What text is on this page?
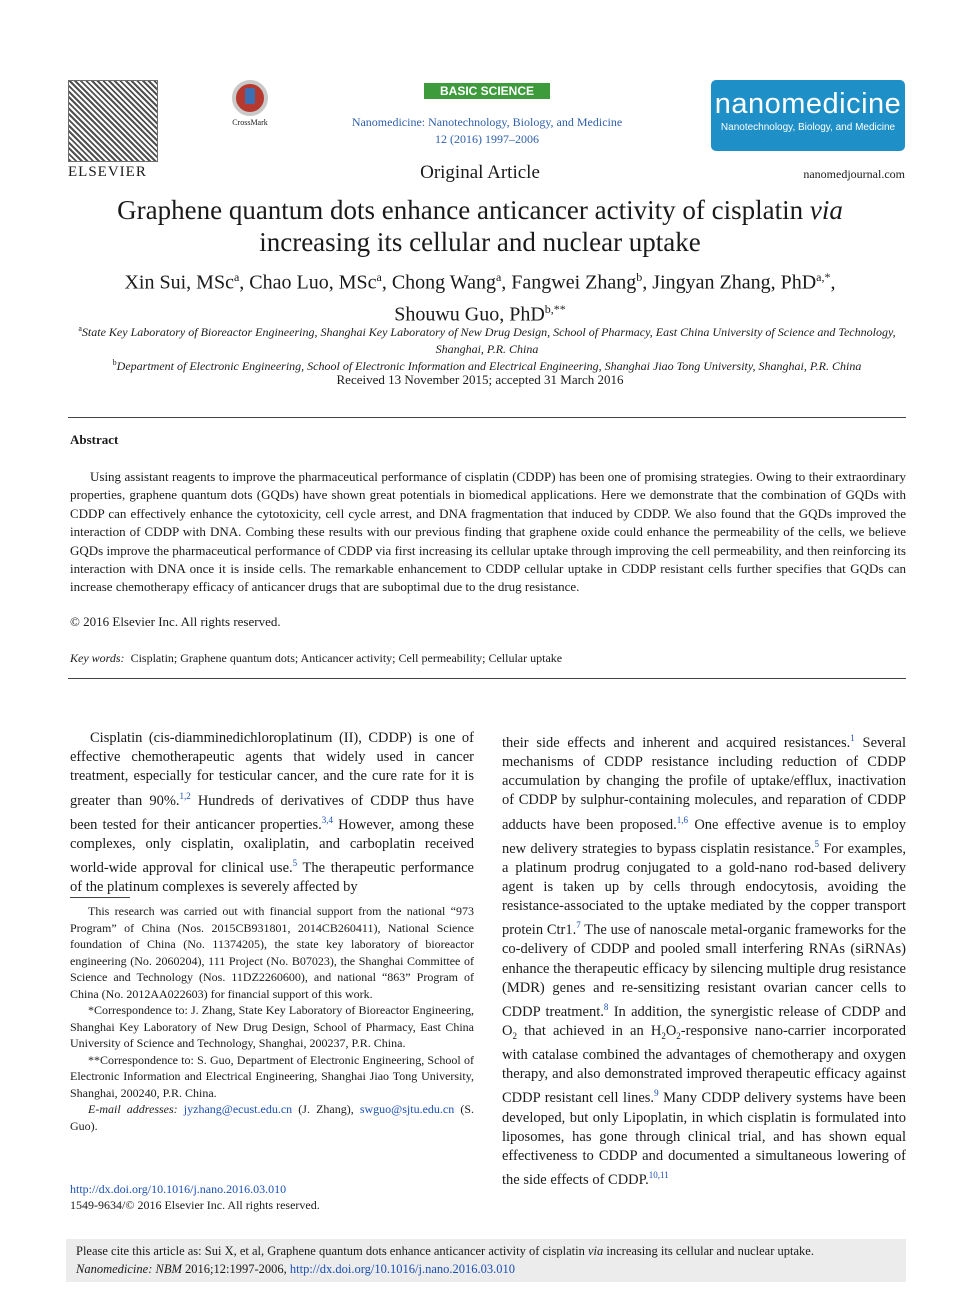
ELSEVIER
CrossMark
BASIC SCIENCE
Nanomedicine: Nanotechnology, Biology, and Medicine
12 (2016) 1997–2006
nanomedicine
Nanotechnology, Biology, and Medicine
Original Article	nanomedjournal.com
Graphene quantum dots enhance anticancer activity of cisplatin via
increasing its cellular and nuclear uptake
Xin Sui, MSc$^a$, Chao Luo, MSc$^a$, Chong Wang$^a$, Fangwei Zhang$^b$, Jingyan Zhang, PhD$^{a,*}$,
Shouwu Guo, PhD$^{b,**}$
$^a$State Key Laboratory of Bioreactor Engineering, Shanghai Key Laboratory of New Drug Design, School of Pharmacy, East China University of Science and Technology, Shanghai, P.R. China
$^b$Department of Electronic Engineering, School of Electronic Information and Electrical Engineering, Shanghai Jiao Tong University, Shanghai, P.R. China
Received 13 November 2015; accepted 31 March 2016
Abstract
Using assistant reagents to improve the pharmaceutical performance of cisplatin (CDDP) has been one of promising strategies. Owing to their extraordinary properties, graphene quantum dots (GQDs) have shown great potentials in biomedical applications. Here we demonstrate that the combination of GQDs with CDDP can effectively enhance the cytotoxicity, cell cycle arrest, and DNA fragmentation that induced by CDDP. We also found that the GQDs improved the interaction of CDDP with DNA. Combing these results with our previous finding that graphene oxide could enhance the permeability of the cells, we believe GQDs improve the pharmaceutical performance of CDDP via first increasing its cellular uptake through improving the cell permeability, and then reinforcing its interaction with DNA once it is inside cells. The remarkable enhancement to CDDP cellular uptake in CDDP resistant cells further specifies that GQDs can increase chemotherapy efficacy of anticancer drugs that are suboptimal due to the drug resistance.
© 2016 Elsevier Inc. All rights reserved.
Key words: Cisplatin; Graphene quantum dots; Anticancer activity; Cell permeability; Cellular uptake
Cisplatin (cis-diamminedichloroplatinum (II), CDDP) is one of effective chemotherapeutic agents that widely used in cancer treatment, especially for testicular cancer, and the cure rate for it is greater than 90%.$^{1,2}$ Hundreds of derivatives of CDDP thus have been tested for their anticancer properties.$^{3,4}$ However, among these complexes, only cisplatin, oxaliplatin, and carboplatin received world-wide approval for clinical use.$^5$ The therapeutic performance of the platinum complexes is severely affected by
their side effects and inherent and acquired resistances.$^1$ Several mechanisms of CDDP resistance including reduction of CDDP accumulation by changing the profile of uptake/efflux, inactivation of CDDP by sulphur-containing molecules, and reparation of CDDP adducts have been proposed.$^{1,6}$ One effective avenue is to employ new delivery strategies to bypass cisplatin resistance.$^5$ For examples, a platinum prodrug conjugated to a gold-nano rod-based delivery agent is taken up by cells through endocytosis, avoiding the resistance-associated to the uptake mediated by the copper transport protein Ctr1.$^7$ The use of nanoscale metal-organic frameworks for the co-delivery of CDDP and pooled small interfering RNAs (siRNAs) enhance the therapeutic efficacy by silencing multiple drug resistance (MDR) genes and re-sensitizing resistant ovarian cancer cells to CDDP treatment.$^8$ In addition, the synergistic release of CDDP and $O_2$ that achieved in an $H_2O_2$-responsive nano-carrier incorporated with catalase combined the advantages of chemotherapy and oxygen therapy, and also demonstrated improved therapeutic efficacy against CDDP resistant cell lines.$^9$ Many CDDP delivery systems have been developed, but only Lipoplatin, in which cisplatin is formulated into liposomes, has gone through clinical trial, and has shown equal effectiveness to CDDP and documented a simultaneous lowering of the side effects of CDDP.$^{10,11}$

This research was carried out with financial support from the national “973 Program” of China (Nos. 2015CB931801, 2014CB260411), National Science foundation of China (No. 11374205), the state key laboratory of bioreactor engineering (No. 2060204), 111 Project (No. B07023), the Shanghai Committee of Science and Technology (Nos. 11DZ2260600), and national “863” Program of China (No. 2012AA022603) for financial support of this work.

*Correspondence to: J. Zhang, State Key Laboratory of Bioreactor Engineering, Shanghai Key Laboratory of New Drug Design, School of Pharmacy, East China University of Science and Technology, Shanghai, 200237, P.R. China.

**Correspondence to: S. Guo, Department of Electronic Engineering, School of Electronic Information and Electrical Engineering, Shanghai Jiao Tong University, Shanghai, 200240, P.R. China.

E-mail addresses: jyzhang@ecust.edu.cn (J. Zhang), swguo@sjtu.edu.cn (S. Guo).

http://dx.doi.org/10.1016/j.nano.2016.03.010
1549-9634/© 2016 Elsevier Inc. All rights reserved.
Please cite this article as: Sui X, et al, Graphene quantum dots enhance anticancer activity of cisplatin via increasing its cellular and nuclear uptake.
Nanomedicine: NBM 2016;12:1997-2006, http://dx.doi.org/10.1016/j.nano.2016.03.010
